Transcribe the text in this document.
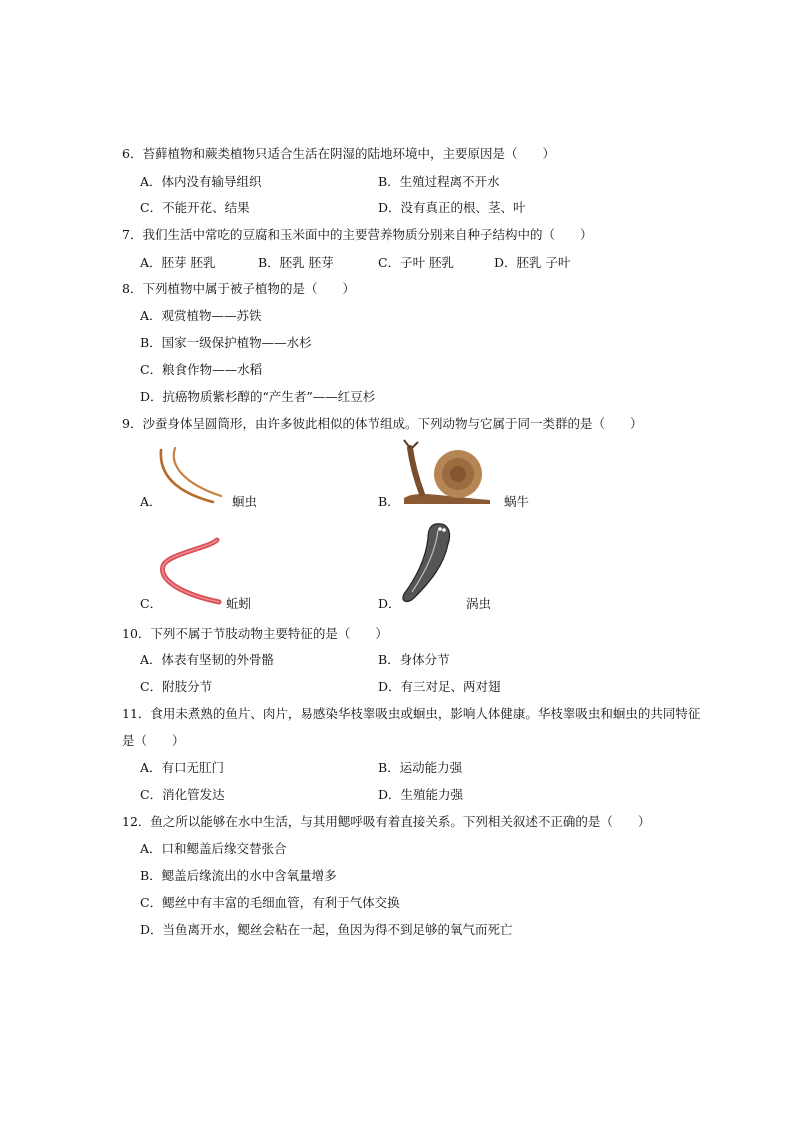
6．苔藓植物和蕨类植物只适合生活在阴湿的陆地环境中，主要原因是（　　）
A．体内没有输导组织	B．生殖过程离不开水
C．不能开花、结果	D．没有真正的根、茎、叶
7．我们生活中常吃的豆腐和玉米面中的主要营养物质分别来自种子结构中的（　　）
A．胚芽 胚乳	B．胚乳 胚芽	C．子叶 胚乳	D．胚乳 子叶
8．下列植物中属于被子植物的是（　　）
A．观赏植物——苏铁
B．国家一级保护植物——水杉
C．粮食作物——水稻
D．抗癌物质紫杉醇的“产生者”——红豆杉
9．沙蚕身体呈圆筒形，由许多彼此相似的体节组成。下列动物与它属于同一类群的是（　　）
A．	蛔虫	B．	蜗牛
C．	蚯蚓	D．	涡虫
10．下列不属于节肢动物主要特征的是（　　）
A．体表有坚韧的外骨骼	B．身体分节
C．附肢分节	D．有三对足、两对翅
11．食用未煮熟的鱼片、肉片，易感染华枝睾吸虫或蛔虫，影响人体健康。华枝睾吸虫和蛔虫的共同特征
是（　　）
A．有口无肛门	B．运动能力强
C．消化管发达	D．生殖能力强
12．鱼之所以能够在水中生活，与其用鳃呼吸有着直接关系。下列相关叙述不正确的是（　　）
A．口和鳃盖后缘交替张合
B．鳃盖后缘流出的水中含氧量增多
C．鳃丝中有丰富的毛细血管，有利于气体交换
D．当鱼离开水，鳃丝会粘在一起，鱼因为得不到足够的氧气而死亡
